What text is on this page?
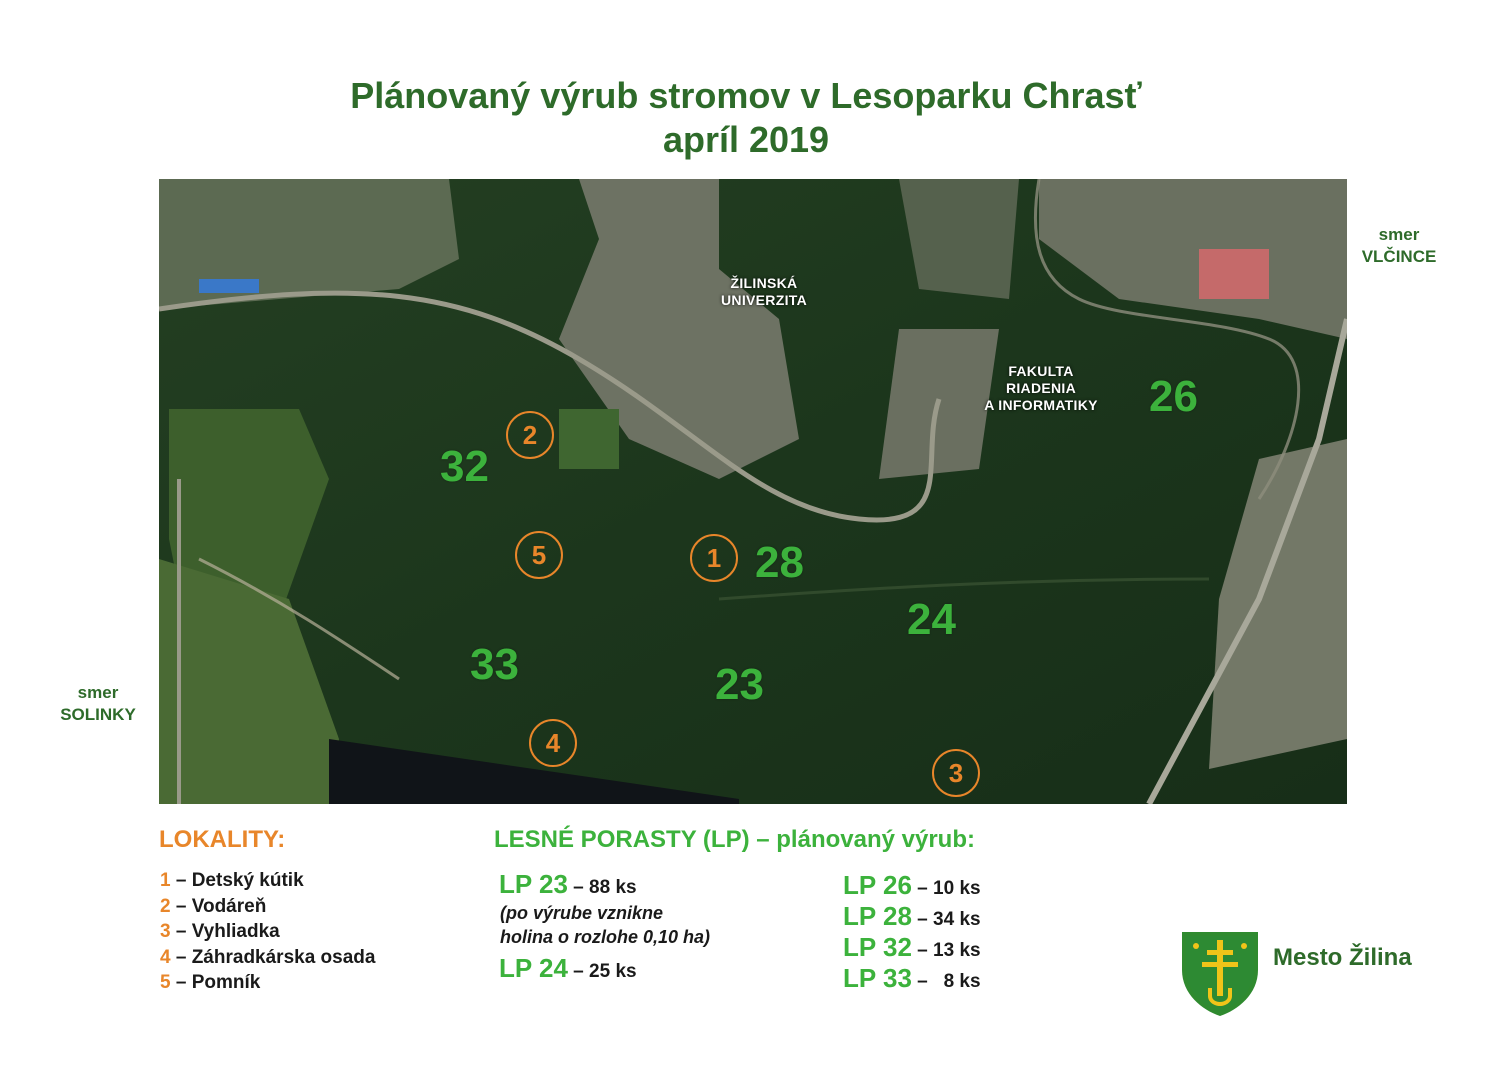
Plánovaný výrub stromov v Lesoparku Chrasť
apríl 2019
smer
VLČINCE
smer
SOLINKY
ŽILINSKÁ
UNIVERZITA
FAKULTA
RIADENIA
A INFORMATIKY	26
32
28
24
33	23
2
5	1
4
3
LOKALITY:
1 – Detský kútik
2 – Vodáreň
3 – Vyhliadka
4 – Záhradkárska osada
5 – Pomník
LESNÉ PORASTY (LP) – plánovaný výrub:
LP 23 – 88 ks
(po výrube vznikne
holina o rozlohe 0,10 ha)
LP 24 – 25 ks
LP 26 – 10 ks
LP 28 – 34 ks
LP 32 – 13 ks
LP 33 –   8 ks
Mesto Žilina
